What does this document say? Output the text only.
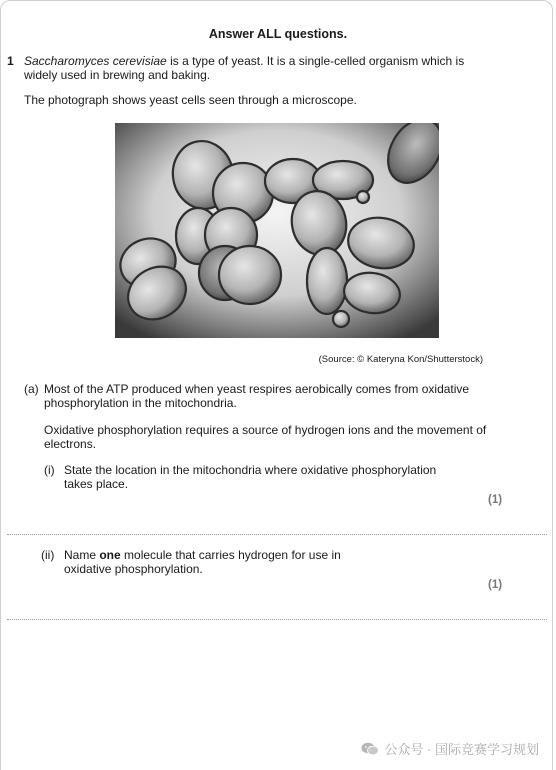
Answer ALL questions.
1 Saccharomyces cerevisiae is a type of yeast. It is a single-celled organism which is widely used in brewing and baking.

The photograph shows yeast cells seen through a microscope.

(Source: © Kateryna Kon/Shutterstock)
(a) Most of the ATP produced when yeast respires aerobically comes from oxidative phosphorylation in the mitochondria.

Oxidative phosphorylation requires a source of hydrogen ions and the movement of electrons.

(i) State the location in the mitochondria where oxidative phosphorylation takes place.

(1)
(ii) Name one molecule that carries hydrogen for use in oxidative phosphorylation.

(1)
公众号 · 国际竞赛学习规划
